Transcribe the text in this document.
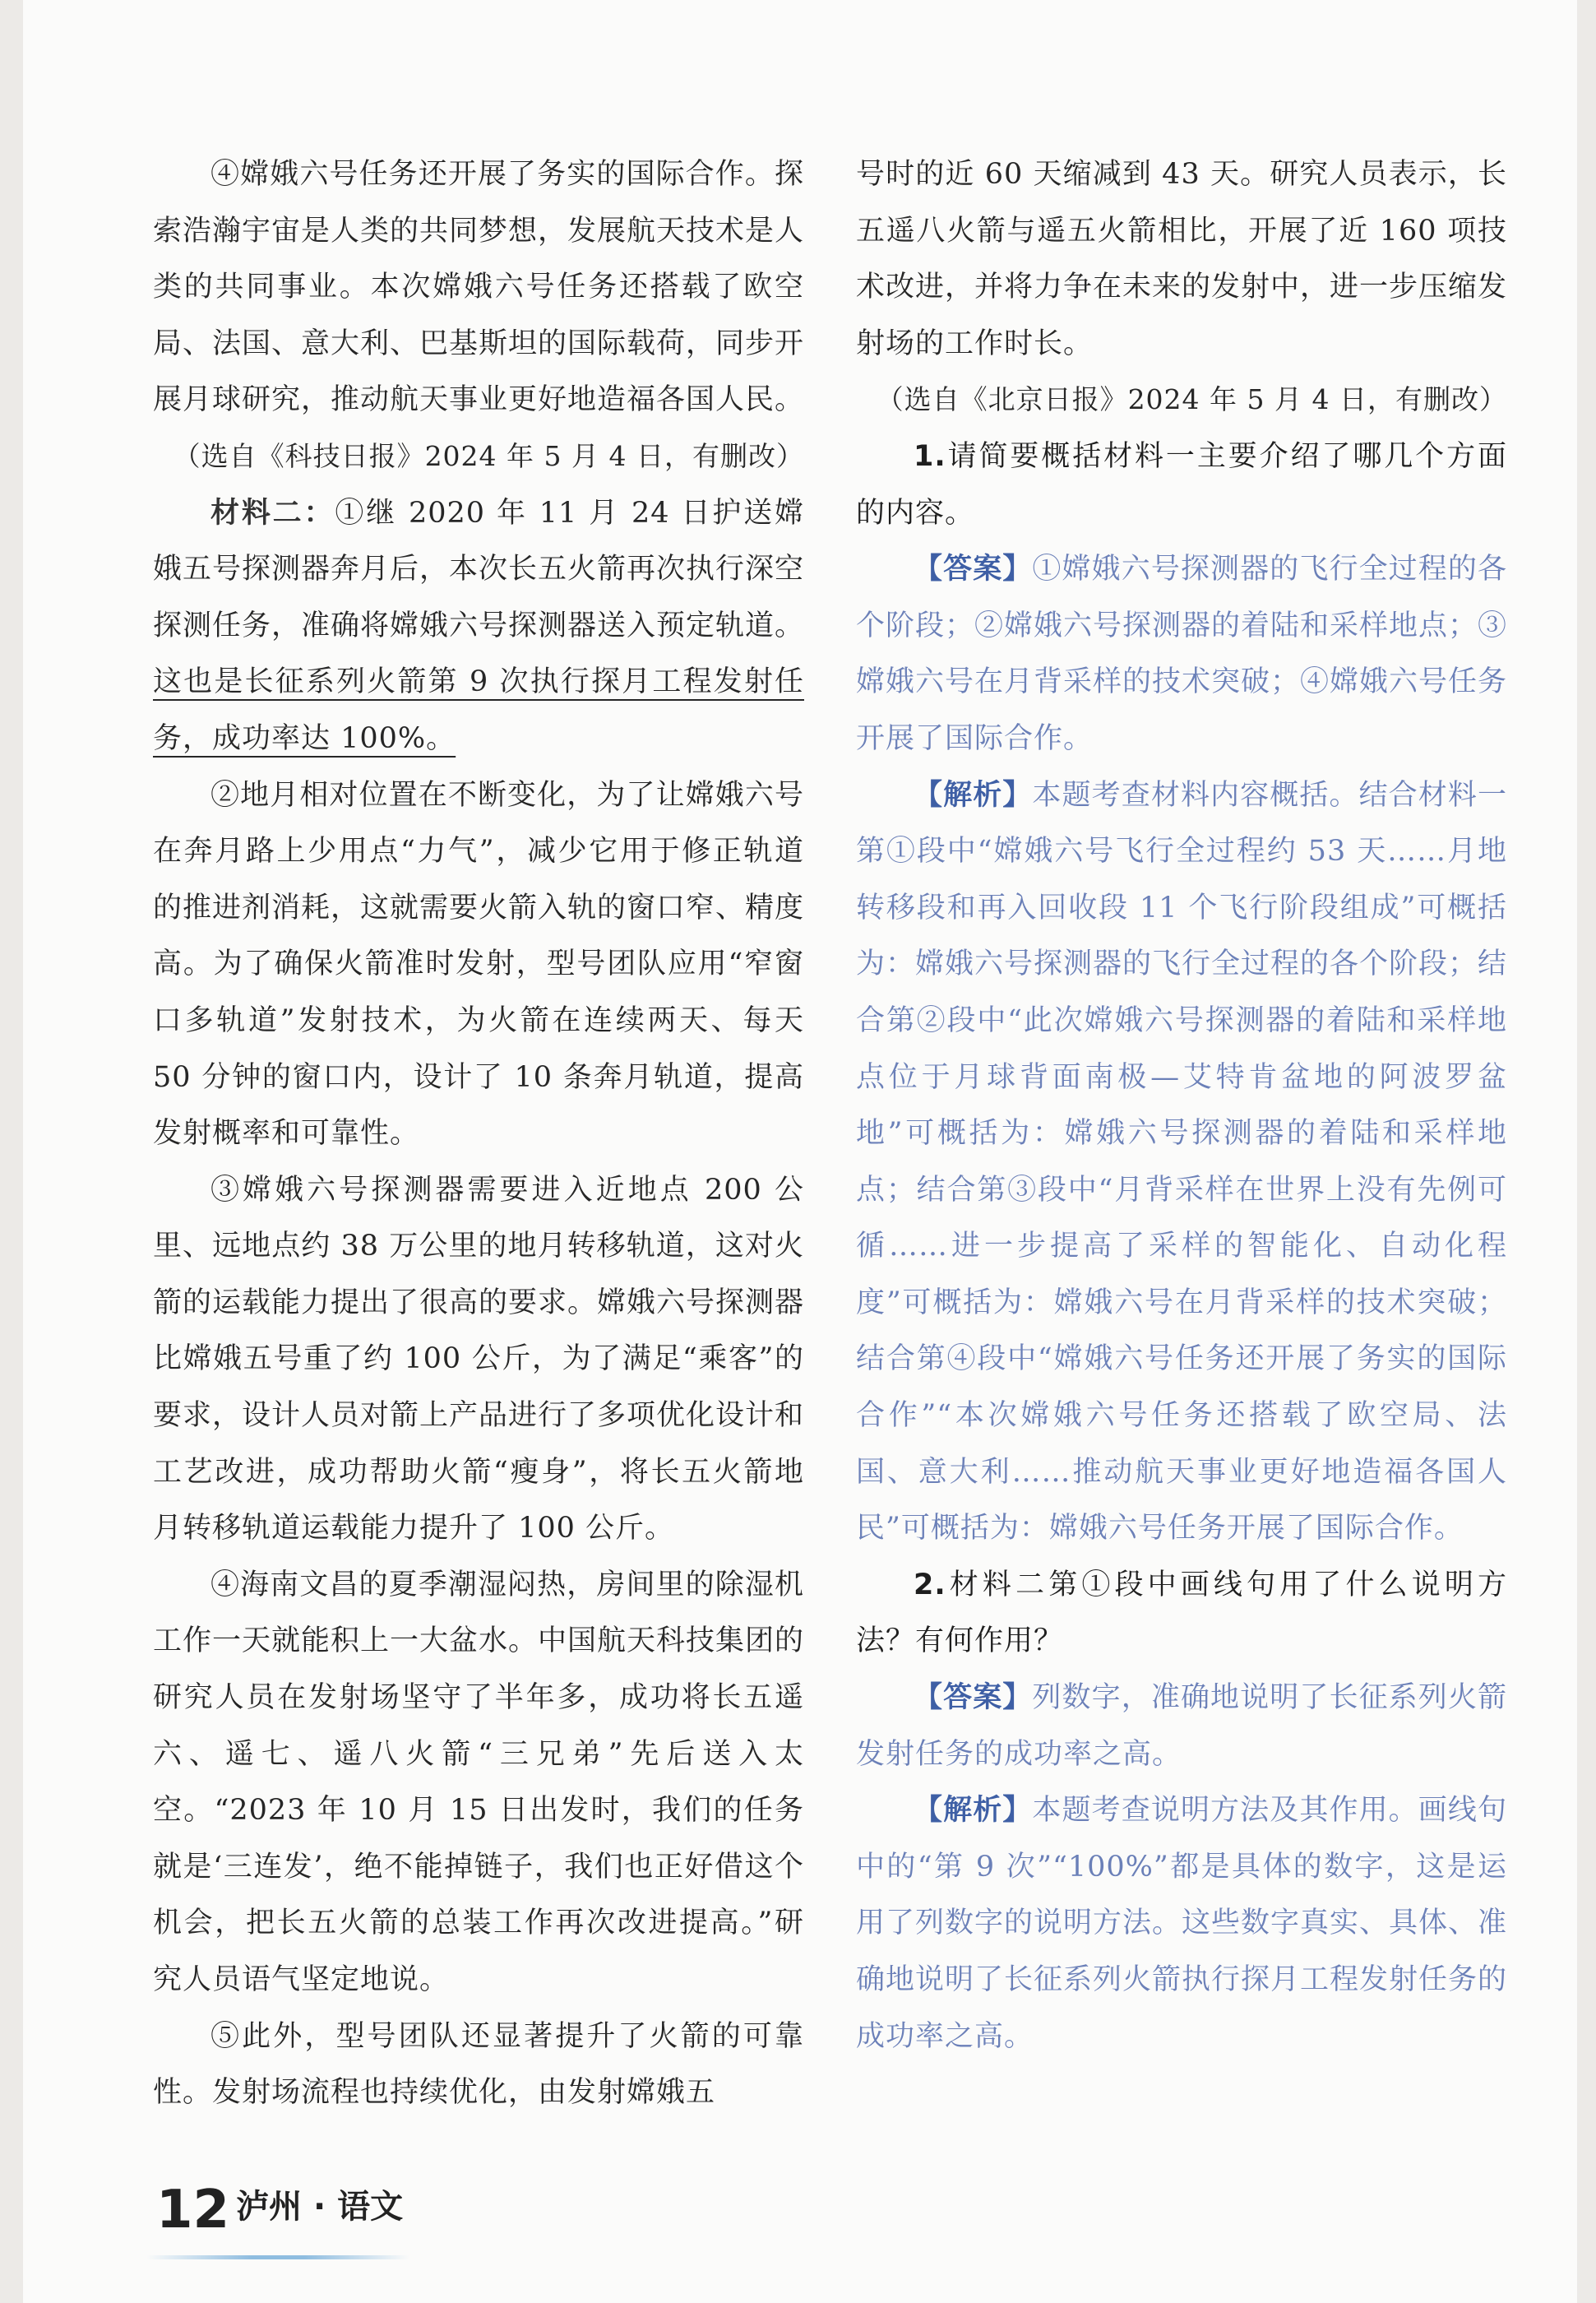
④嫦娥六号任务还开展了务实的国际合作。探索浩瀚宇宙是人类的共同梦想，发展航天技术是人类的共同事业。本次嫦娥六号任务还搭载了欧空局、法国、意大利、巴基斯坦的国际载荷，同步开展月球研究，推动航天事业更好地造福各国人民。

（选自《科技日报》2024 年 5 月 4 日，有删改）

材料二：①继 2020 年 11 月 24 日护送嫦娥五号探测器奔月后，本次长五火箭再次执行深空探测任务，准确将嫦娥六号探测器送入预定轨道。这也是长征系列火箭第 9 次执行探月工程发射任务，成功率达 100%。

②地月相对位置在不断变化，为了让嫦娥六号在奔月路上少用点“力气”，减少它用于修正轨道的推进剂消耗，这就需要火箭入轨的窗口窄、精度高。为了确保火箭准时发射，型号团队应用“窄窗口多轨道”发射技术，为火箭在连续两天、每天 50 分钟的窗口内，设计了 10 条奔月轨道，提高发射概率和可靠性。

③嫦娥六号探测器需要进入近地点 200 公里、远地点约 38 万公里的地月转移轨道，这对火箭的运载能力提出了很高的要求。嫦娥六号探测器比嫦娥五号重了约 100 公斤，为了满足“乘客”的要求，设计人员对箭上产品进行了多项优化设计和工艺改进，成功帮助火箭“瘦身”，将长五火箭地月转移轨道运载能力提升了 100 公斤。

④海南文昌的夏季潮湿闷热，房间里的除湿机工作一天就能积上一大盆水。中国航天科技集团的研究人员在发射场坚守了半年多，成功将长五遥六、遥七、遥八火箭“三兄弟”先后送入太空。“2023 年 10 月 15 日出发时，我们的任务就是‘三连发’，绝不能掉链子，我们也正好借这个机会，把长五火箭的总装工作再次改进提高。”研究人员语气坚定地说。

⑤此外，型号团队还显著提升了火箭的可靠性。发射场流程也持续优化，由发射嫦娥五

号时的近 60 天缩减到 43 天。研究人员表示，长五遥八火箭与遥五火箭相比，开展了近 160 项技术改进，并将力争在未来的发射中，进一步压缩发射场的工作时长。

（选自《北京日报》2024 年 5 月 4 日，有删改）

1.请简要概括材料一主要介绍了哪几个方面的内容。

【答案】①嫦娥六号探测器的飞行全过程的各个阶段；②嫦娥六号探测器的着陆和采样地点；③嫦娥六号在月背采样的技术突破；④嫦娥六号任务开展了国际合作。

【解析】本题考查材料内容概括。结合材料一第①段中“嫦娥六号飞行全过程约 53 天……月地转移段和再入回收段 11 个飞行阶段组成”可概括为：嫦娥六号探测器的飞行全过程的各个阶段；结合第②段中“此次嫦娥六号探测器的着陆和采样地点位于月球背面南极—艾特肯盆地的阿波罗盆地”可概括为：嫦娥六号探测器的着陆和采样地点；结合第③段中“月背采样在世界上没有先例可循……进一步提高了采样的智能化、自动化程度”可概括为：嫦娥六号在月背采样的技术突破；结合第④段中“嫦娥六号任务还开展了务实的国际合作”“本次嫦娥六号任务还搭载了欧空局、法国、意大利……推动航天事业更好地造福各国人民”可概括为：嫦娥六号任务开展了国际合作。

2.材料二第①段中画线句用了什么说明方法？有何作用？

【答案】列数字，准确地说明了长征系列火箭发射任务的成功率之高。

【解析】本题考查说明方法及其作用。画线句中的“第 9 次”“100%”都是具体的数字，这是运用了列数字的说明方法。这些数字真实、具体、准确地说明了长征系列火箭执行探月工程发射任务的成功率之高。

12 泸州 · 语文
